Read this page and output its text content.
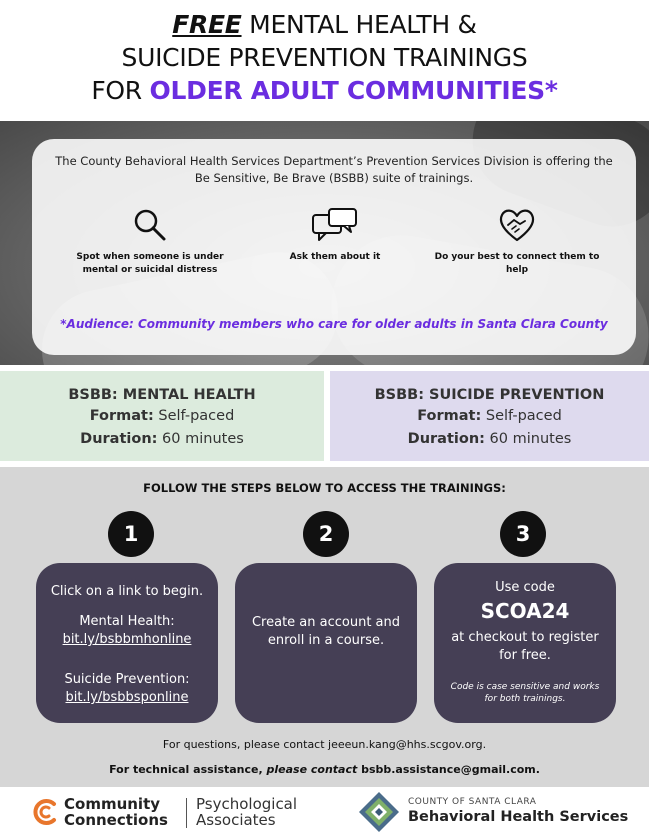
FREE MENTAL HEALTH &
SUICIDE PREVENTION TRAININGS
FOR OLDER ADULT COMMUNITIES*
The County Behavioral Health Services Department’s Prevention Services Division is offering the Be Sensitive, Be Brave (BSBB) suite of trainings.
Spot when someone is under mental or suicidal distress
Ask them about it	Do your best to connect them to help
*Audience: Community members who care for older adults in Santa Clara County
BSBB: MENTAL HEALTH
Format: Self-paced
Duration: 60 minutes
BSBB: SUICIDE PREVENTION
Format: Self-paced
Duration: 60 minutes
FOLLOW THE STEPS BELOW TO ACCESS THE TRAININGS:
1	2	3
Click on a link to begin.
Mental Health:
bit.ly/bsbbmhonline
Suicide Prevention:
bit.ly/bsbbsponline
Create an account and enroll in a course.
Use code
SCOA24
at checkout to register for free.
Code is case sensitive and works for both trainings.
For questions, please contact jeeeun.kang@hhs.scgov.org.
For technical assistance, please contact bsbb.assistance@gmail.com.
Community
Connections
Psychological
Associates
COUNTY OF SANTA CLARA
Behavioral Health Services
